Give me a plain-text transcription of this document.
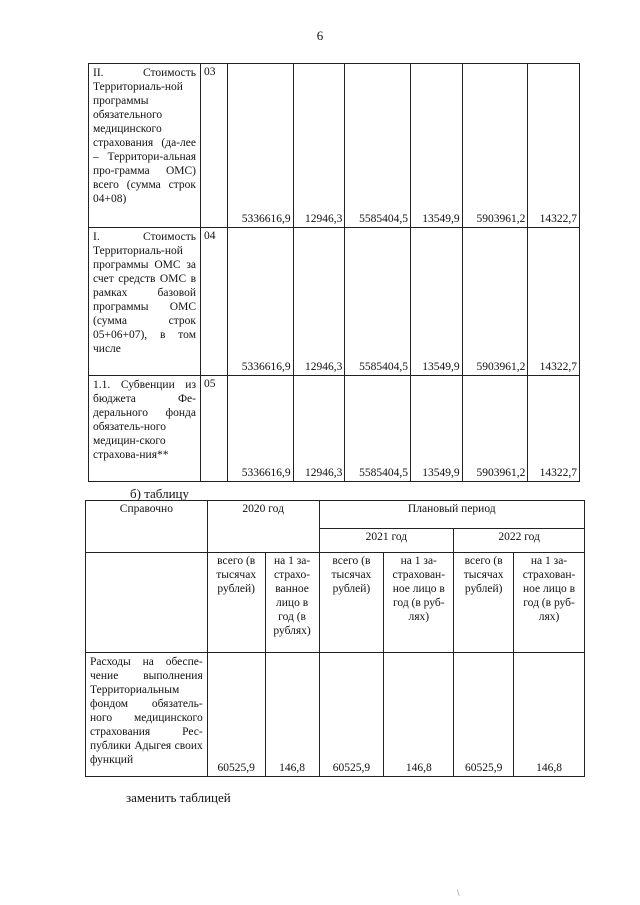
6
II. Стоимость Территориаль-ной программы обязательного медицинского страхования (да-лее – Территори-альная про-грамма ОМС) всего (сумма строк 04+08)	03	5336616,9	12946,3	5585404,5	13549,9	5903961,2	14322,7
I. Стоимость Территориаль-ной программы ОМС за счет средств ОМС в рамках базовой программы ОМС (сумма строк 05+06+07), в том числе	04	5336616,9	12946,3	5585404,5	13549,9	5903961,2	14322,7
1.1. Субвенции из бюджета Фе-дерального фонда обязатель-ного медицин-ского страхова-ния**	05	5336616,9	12946,3	5585404,5	13549,9	5903961,2	14322,7
б) таблицу
Справочно	2020 год		Плановый период			
			2021 год		2022 год	
	всего (в тысячах рублей)	на 1 за-страхо-ванное лицо в год (в рублях)	всего (в тысячах рублей)	на 1 за-страхован-ное лицо в год (в руб-лях)	всего (в тысячах рублей)	на 1 за-страхован-ное лицо в год (в руб-лях)
Расходы на обеспе-чение выполнения Территориальным фондом обязатель-ного медицинского страхования Рес-публики Адыгея своих функций	60525,9	146,8	60525,9	146,8	60525,9	146,8
заменить таблицей
\
